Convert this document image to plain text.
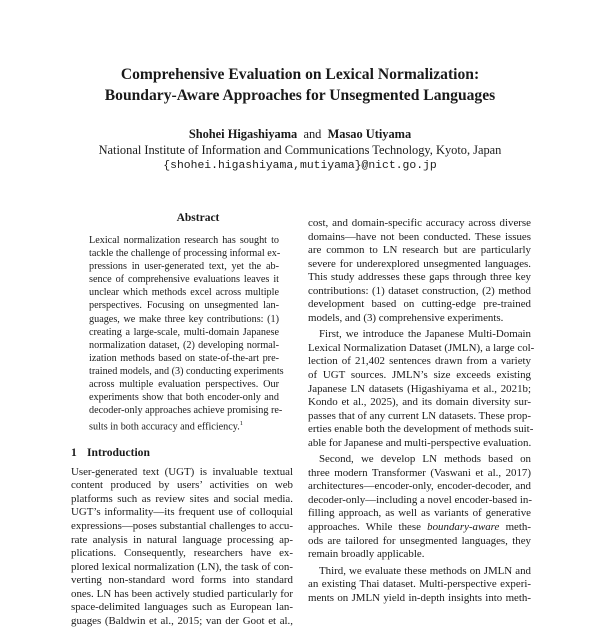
Comprehensive Evaluation on Lexical Normalization:
Boundary-Aware Approaches for Unsegmented Languages
Shohei Higashiyama and Masao Utiyama
National Institute of Information and Communications Technology, Kyoto, Japan
{shohei.higashiyama,mutiyama}@nict.go.jp
Abstract
Lexical normalization research has sought to
tackle the challenge of processing informal ex-
pressions in user-generated text, yet the ab-
sence of comprehensive evaluations leaves it
unclear which methods excel across multiple
perspectives. Focusing on unsegmented lan-
guages, we make three key contributions: (1)
creating a large-scale, multi-domain Japanese
normalization dataset, (2) developing normal-
ization methods based on state-of-the-art pre-
trained models, and (3) conducting experiments
across multiple evaluation perspectives. Our
experiments show that both encoder-only and
decoder-only approaches achieve promising re-
sults in both accuracy and efficiency.$^1$
1 Introduction
User-generated text (UGT) is invaluable textual
content produced by users’ activities on web
platforms such as review sites and social media.
UGT’s informality—its frequent use of colloquial
expressions—poses substantial challenges to accu-
rate analysis in natural language processing ap-
plications. Consequently, researchers have ex-
plored lexical normalization (LN), the task of con-
verting non-standard word forms into standard
ones. LN has been actively studied particularly for
space-delimited languages such as European lan-
guages (Baldwin et al., 2015; van der Goot et al.,
cost, and domain-specific accuracy across diverse
domains—have not been conducted. These issues
are common to LN research but are particularly
severe for underexplored unsegmented languages.
This study addresses these gaps through three key
contributions: (1) dataset construction, (2) method
development based on cutting-edge pre-trained
models, and (3) comprehensive experiments.
First, we introduce the Japanese Multi-Domain
Lexical Normalization Dataset (JMLN), a large col-
lection of 21,402 sentences drawn from a variety
of UGT sources. JMLN’s size exceeds existing
Japanese LN datasets (Higashiyama et al., 2021b;
Kondo et al., 2025), and its domain diversity sur-
passes that of any current LN datasets. These prop-
erties enable both the development of methods suit-
able for Japanese and multi-perspective evaluation.
Second, we develop LN methods based on
three modern Transformer (Vaswani et al., 2017)
architectures—encoder-only, encoder-decoder, and
decoder-only—including a novel encoder-based in-
filling approach, as well as variants of generative
approaches. While these boundary-aware meth-
ods are tailored for unsegmented languages, they
remain broadly applicable.
Third, we evaluate these methods on JMLN and
an existing Thai dataset. Multi-perspective experi-
ments on JMLN yield in-depth insights into meth-
